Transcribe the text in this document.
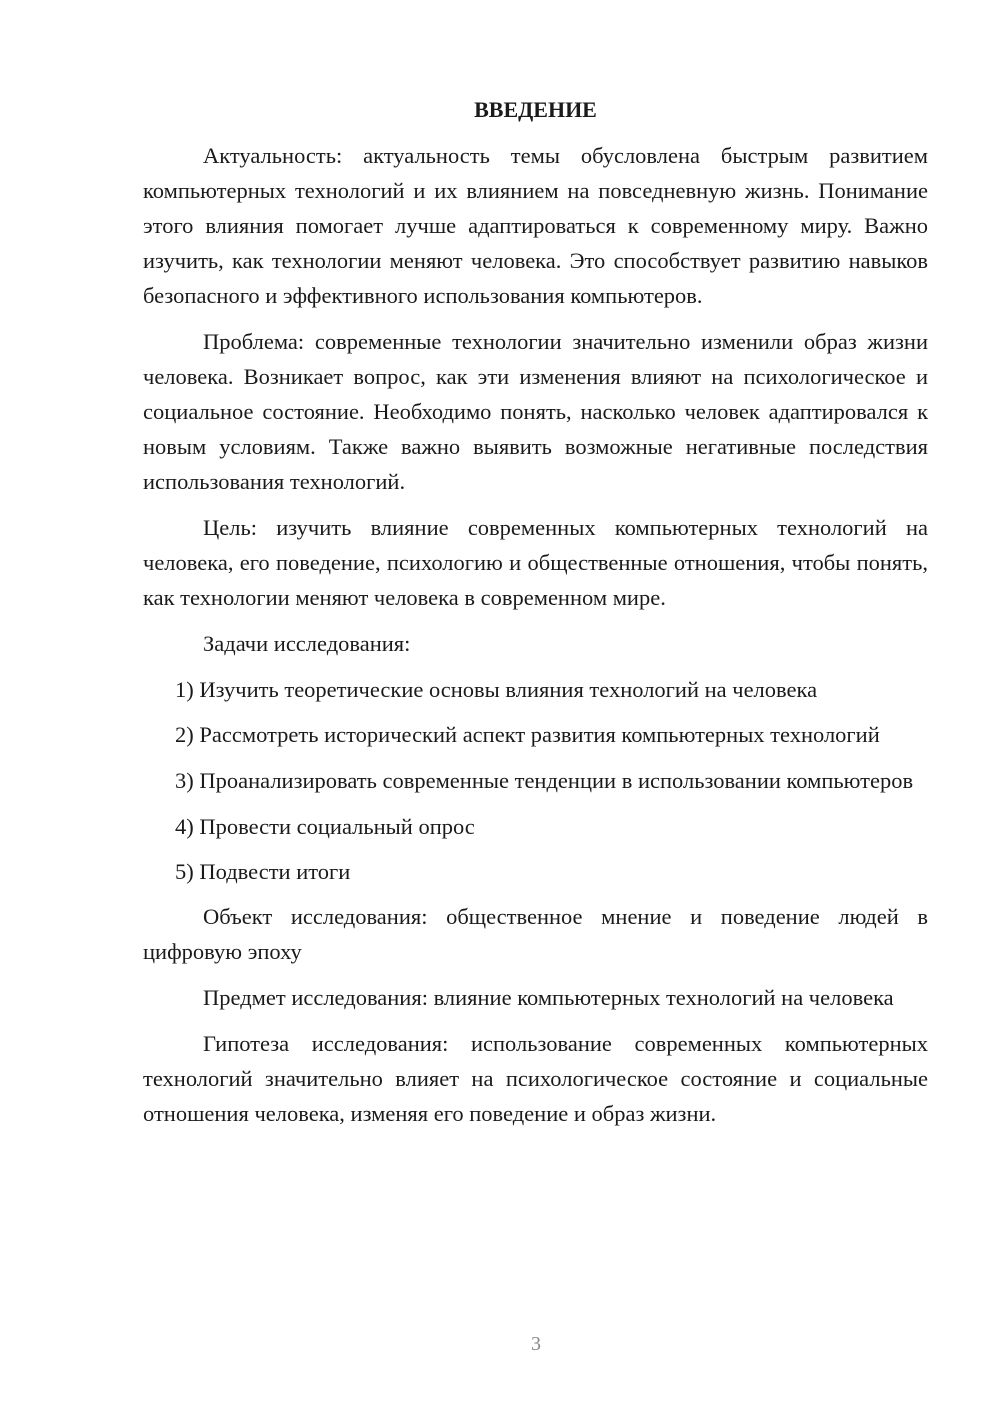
ВВЕДЕНИЕ

Актуальность: актуальность темы обусловлена быстрым развитием компьютерных технологий и их влиянием на повседневную жизнь. Понимание этого влияния помогает лучше адаптироваться к современному миру. Важно изучить, как технологии меняют человека. Это способствует развитию навыков безопасного и эффективного использования компьютеров.

Проблема: современные технологии значительно изменили образ жизни человека. Возникает вопрос, как эти изменения влияют на психологическое и социальное состояние. Необходимо понять, насколько человек адаптировался к новым условиям. Также важно выявить возможные негативные последствия использования технологий.

Цель: изучить влияние современных компьютерных технологий на человека, его поведение, психологию и общественные отношения, чтобы понять, как технологии меняют человека в современном мире.

Задачи исследования:

1) Изучить теоретические основы влияния технологий на человека

2) Рассмотреть исторический аспект развития компьютерных технологий

3) Проанализировать современные тенденции в использовании компьютеров

4) Провести социальный опрос

5) Подвести итоги

Объект исследования: общественное мнение и поведение людей в цифровую эпоху

Предмет исследования: влияние компьютерных технологий на человека

Гипотеза исследования: использование современных компьютерных технологий значительно влияет на психологическое состояние и социальные отношения человека, изменяя его поведение и образ жизни.

3
